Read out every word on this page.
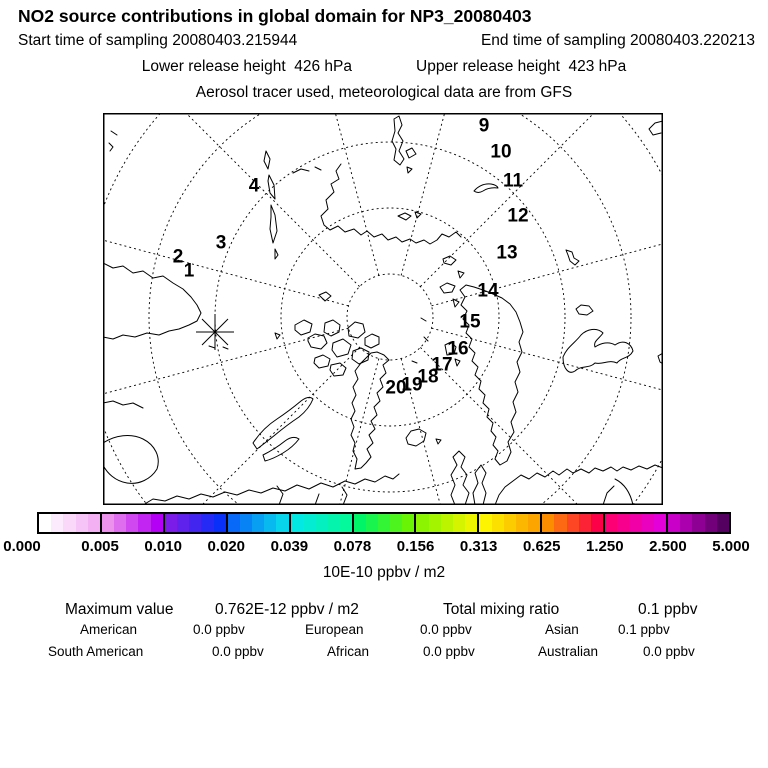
NO2 source contributions in global domain for NP3_20080403
Start time of sampling 20080403.215944	End time of sampling 20080403.220213
Lower release height  426 hPa	Upper release height  423 hPa
Aerosol tracer used, meteorological data are from GFS
1
2
3
4
9
10
11
12
13
14
15
16
17
18
19
20
0.000	0.005 0.010 0.020 0.039 0.078 0.156 0.313 0.625 1.250 2.500 5.000
10E-10 ppbv / m2
Maximum value	0.762E-12 ppbv / m2	Total mixing ratio	0.1 ppbv
American	0.0 ppbv	European	0.0 ppbv	Asian	0.1 ppbv
South American	0.0 ppbv	African	0.0 ppbv	Australian	0.0 ppbv
